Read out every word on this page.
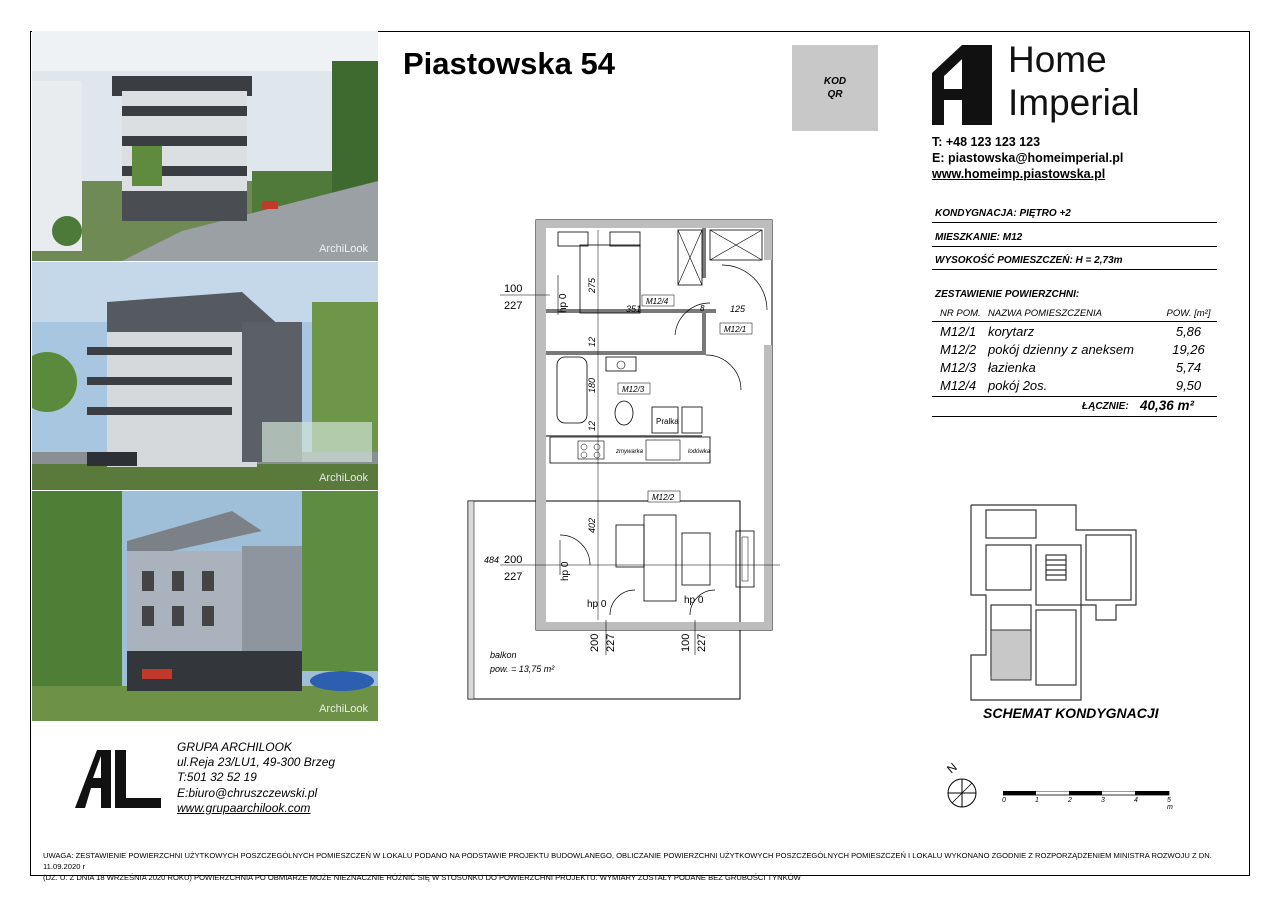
ArchiLook
ArchiLook
ArchiLook
Piastowska 54
KOD
QR
Home
Imperial
T: +48 123 123 123
E: piastowska@homeimperial.pl
www.homeimp.piastowska.pl
KONDYGNACJA: PIĘTRO +2
MIESZKANIE: M12
WYSOKOŚĆ POMIESZCZEŃ: H = 2,73m
ZESTAWIENIE POWIERZCHNI:
NR POM. NAZWA POMIESZCZENIA	POW. [m²]
M12/1 korytarz	5,86
M12/2 pokój dzienny z aneksem	19,26
M12/3 łazienka	5,74
M12/4 pokój 2os.	9,50
ŁĄCZNIE: 40,36 m²
M12/4
M12/1
M12/3
M12/2
Pralka
zmywarka	lodówka
100
227
200
227
351	125
8
484
275
12
180
12
402
200 227	100 227
hp 0
hp 0
hp 0	hp 0
balkon
pow. = 13,75 m²
SCHEMAT KONDYGNACJI
N
0	1	2	3	4	5 m
GRUPA ARCHILOOK
ul.Reja 23/LU1, 49-300 Brzeg
T:501 32 52 19
E:biuro@chruszczewski.pl
www.grupaarchilook.com
UWAGA: ZESTAWIENIE POWIERZCHNI UŻYTKOWYCH POSZCZEGÓLNYCH POMIESZCZEŃ W LOKALU PODANO NA PODSTAWIE PROJEKTU BUDOWLANEGO, OBLICZANIE POWIERZCHNI UŻYTKOWYCH POSZCZEGÓLNYCH POMIESZCZEŃ I LOKALU WYKONANO ZGODNIE Z ROZPORZĄDZENIEM MINISTRA ROZWOJU Z DN. 11.09.2020 r
(DZ. U. Z DNIA 18 WRZEŚNIA 2020 ROKU) POWIERZCHNIA PO OBMIARZE MOŻE NIEZNACZNIE RÓŻNIĆ SIĘ W STOSUNKU DO POWIERZCHNI PROJEKTU. WYMIARY ZOSTAŁY PODANE BEZ GRUBOŚCI TYNKÓW
